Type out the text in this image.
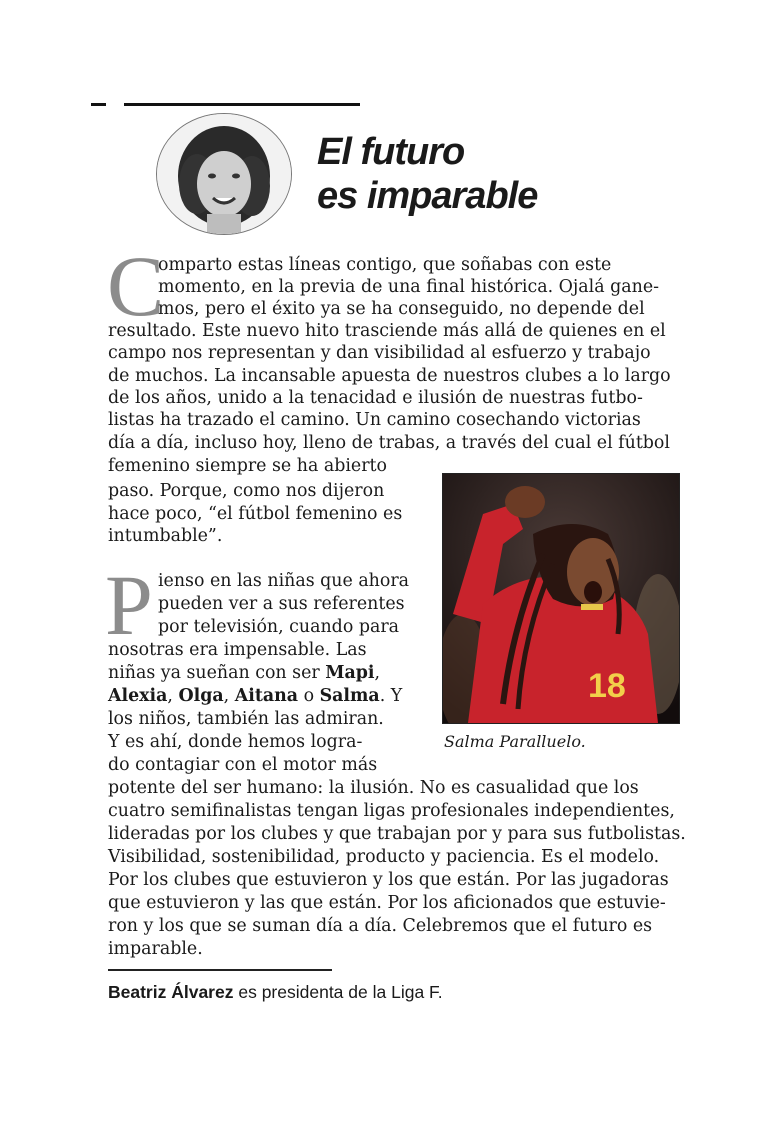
El futuro
es imparable
C

omparto estas líneas contigo, que soñabas con este

momento, en la previa de una final histórica. Ojalá gane-

mos, pero el éxito ya se ha conseguido, no depende del

resultado. Este nuevo hito trasciende más allá de quienes en el

campo nos representan y dan visibilidad al esfuerzo y trabajo

de muchos. La incansable apuesta de nuestros clubes a lo largo

de los años, unido a la tenacidad e ilusión de nuestras futbo-

listas ha trazado el camino. Un camino cosechando victorias

día a día, incluso hoy, lleno de trabas, a través del cual el fútbol

femenino siempre se ha abierto

paso. Porque, como nos dijeron

hace poco, “el fútbol femenino es

intumbable”.

18
Salma Paralluelo.
P ienso en las niñas que ahora

pueden ver a sus referentes

por televisión, cuando para

nosotras era impensable. Las

niñas ya sueñan con ser Mapi,

Alexia, Olga, Aitana o Salma. Y

los niños, también las admiran.

Y es ahí, donde hemos logra-

do contagiar con el motor más

potente del ser humano: la ilusión. No es casualidad que los

cuatro semifinalistas tengan ligas profesionales independientes,

lideradas por los clubes y que trabajan por y para sus futbolistas.

Visibilidad, sostenibilidad, producto y paciencia. Es el modelo.

Por los clubes que estuvieron y los que están. Por las jugadoras

que estuvieron y las que están. Por los aficionados que estuvie-

ron y los que se suman día a día. Celebremos que el futuro es

imparable.

Beatriz Álvarez es presidenta de la Liga F.
